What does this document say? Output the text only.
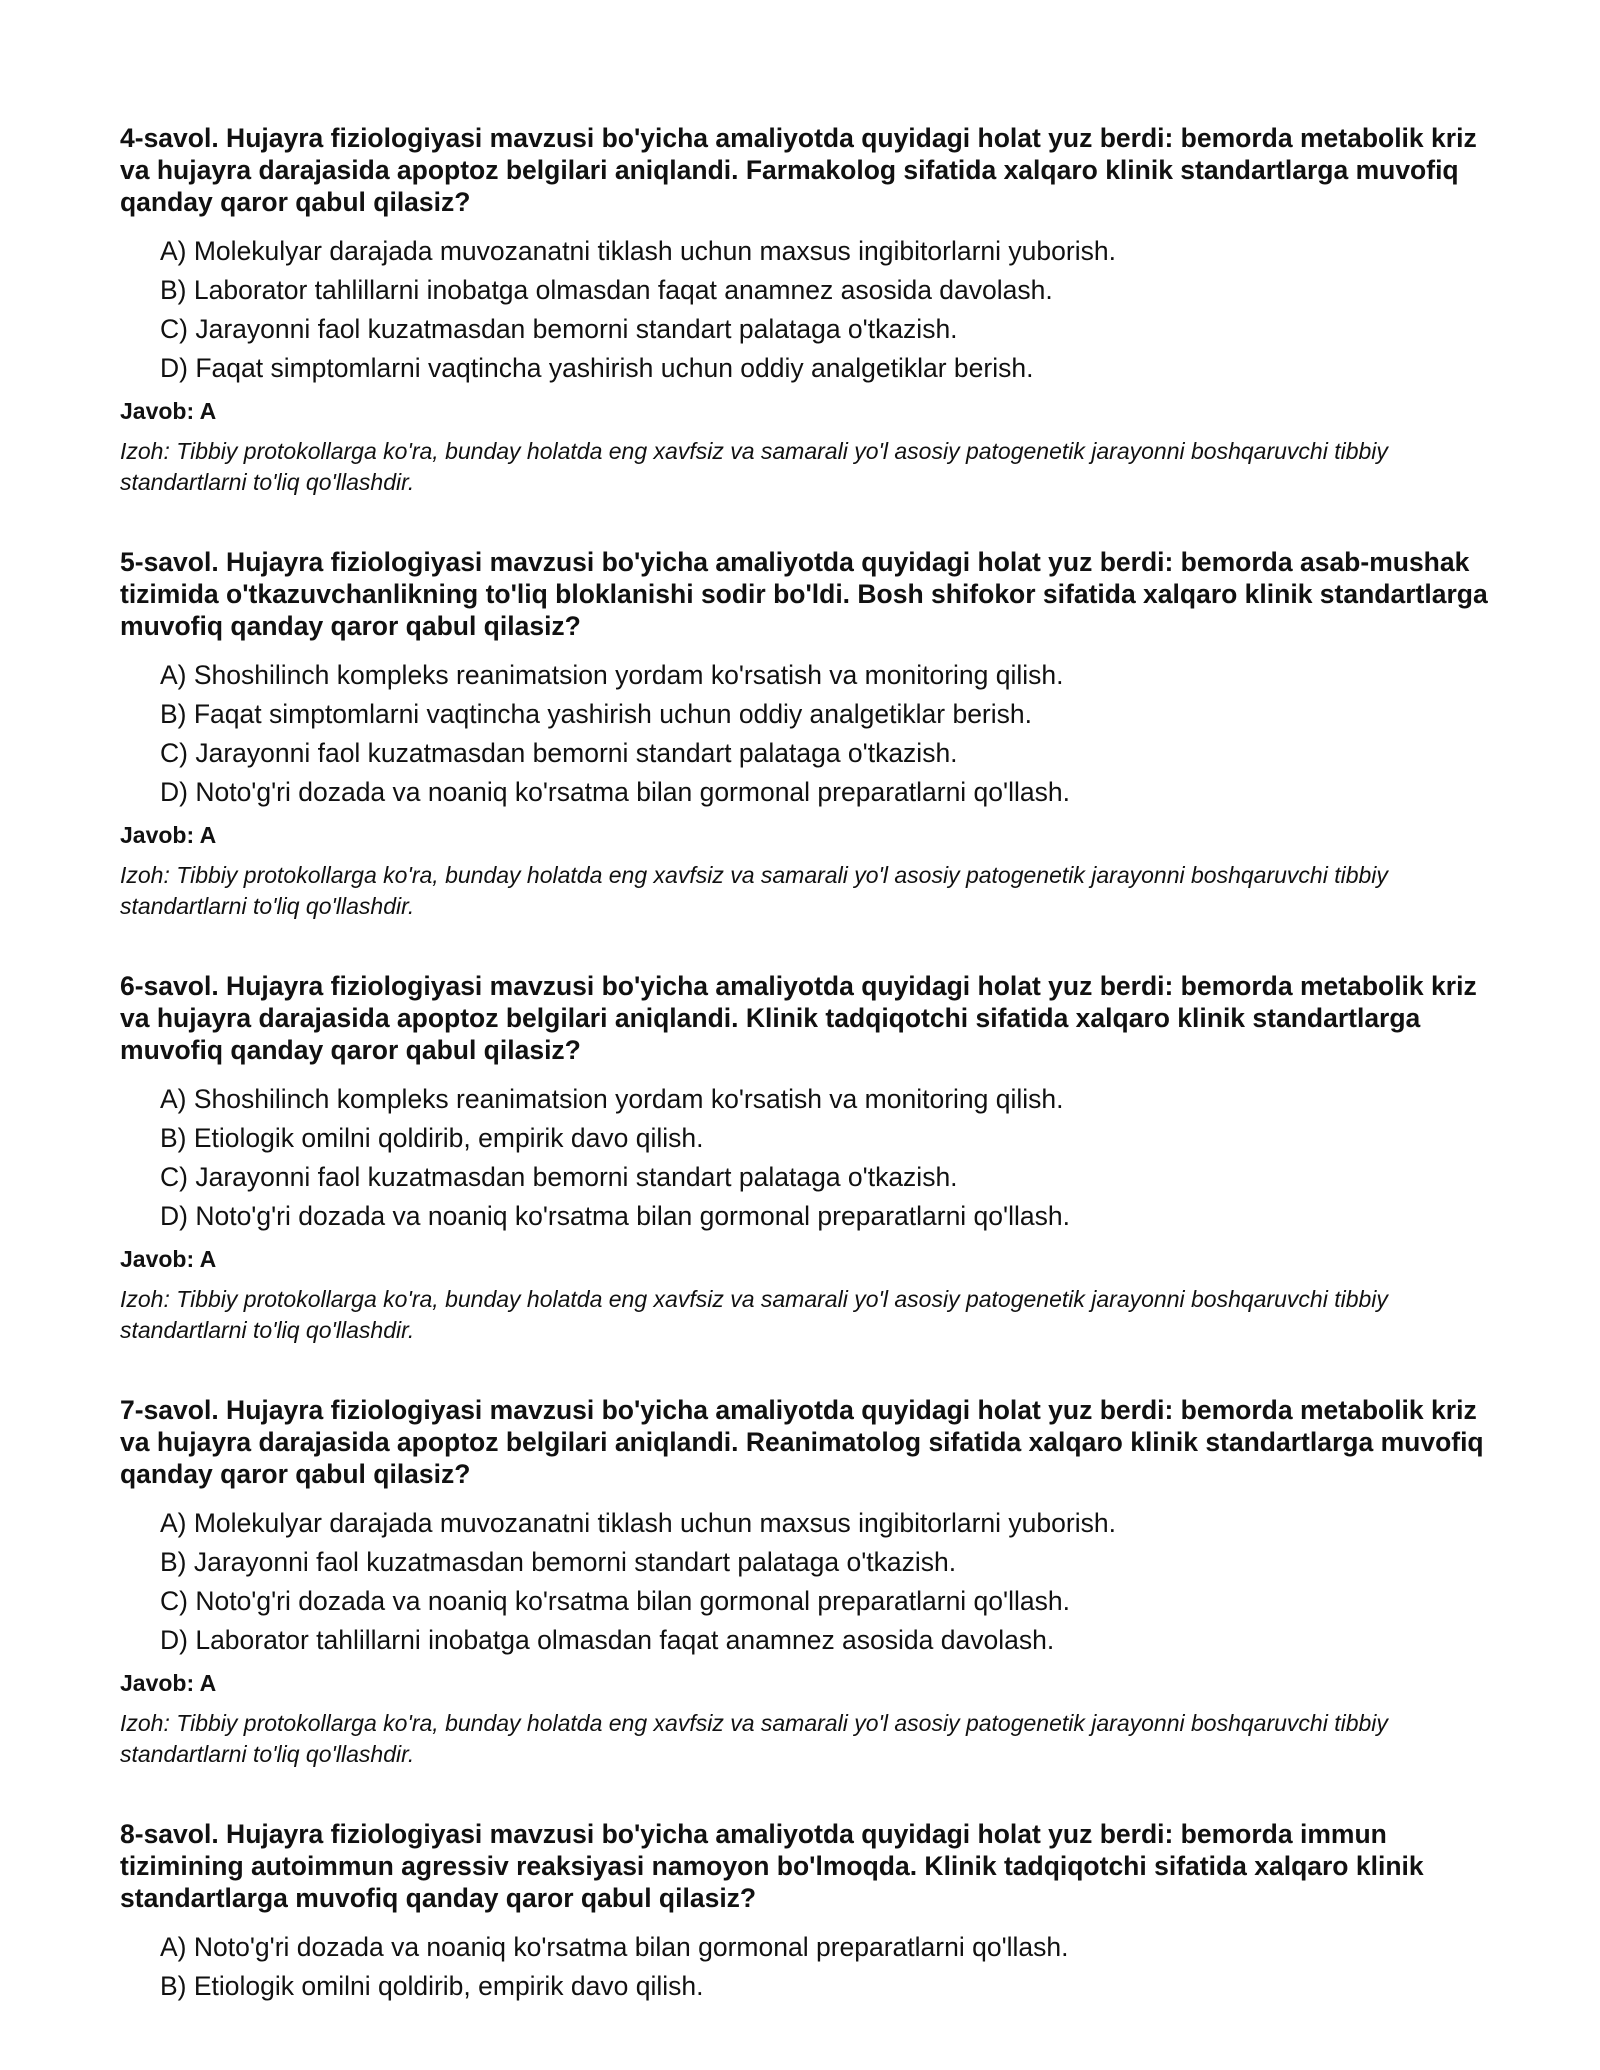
4-savol. Hujayra fiziologiyasi mavzusi bo'yicha amaliyotda quyidagi holat yuz berdi: bemorda metabolik kriz va hujayra darajasida apoptoz belgilari aniqlandi. Farmakolog sifatida xalqaro klinik standartlarga muvofiq qanday qaror qabul qilasiz?

A) Molekulyar darajada muvozanatni tiklash uchun maxsus ingibitorlarni yuborish.
B) Laborator tahlillarni inobatga olmasdan faqat anamnez asosida davolash.
C) Jarayonni faol kuzatmasdan bemorni standart palataga o'tkazish.
D) Faqat simptomlarni vaqtincha yashirish uchun oddiy analgetiklar berish.

Javob: A

Izoh: Tibbiy protokollarga ko'ra, bunday holatda eng xavfsiz va samarali yo'l asosiy patogenetik jarayonni boshqaruvchi tibbiy standartlarni to'liq qo'llashdir.

5-savol. Hujayra fiziologiyasi mavzusi bo'yicha amaliyotda quyidagi holat yuz berdi: bemorda asab-mushak tizimida o'tkazuvchanlikning to'liq bloklanishi sodir bo'ldi. Bosh shifokor sifatida xalqaro klinik standartlarga muvofiq qanday qaror qabul qilasiz?

A) Shoshilinch kompleks reanimatsion yordam ko'rsatish va monitoring qilish.
B) Faqat simptomlarni vaqtincha yashirish uchun oddiy analgetiklar berish.
C) Jarayonni faol kuzatmasdan bemorni standart palataga o'tkazish.
D) Noto'g'ri dozada va noaniq ko'rsatma bilan gormonal preparatlarni qo'llash.

Javob: A

Izoh: Tibbiy protokollarga ko'ra, bunday holatda eng xavfsiz va samarali yo'l asosiy patogenetik jarayonni boshqaruvchi tibbiy standartlarni to'liq qo'llashdir.

6-savol. Hujayra fiziologiyasi mavzusi bo'yicha amaliyotda quyidagi holat yuz berdi: bemorda metabolik kriz va hujayra darajasida apoptoz belgilari aniqlandi. Klinik tadqiqotchi sifatida xalqaro klinik standartlarga muvofiq qanday qaror qabul qilasiz?

A) Shoshilinch kompleks reanimatsion yordam ko'rsatish va monitoring qilish.
B) Etiologik omilni qoldirib, empirik davo qilish.
C) Jarayonni faol kuzatmasdan bemorni standart palataga o'tkazish.
D) Noto'g'ri dozada va noaniq ko'rsatma bilan gormonal preparatlarni qo'llash.

Javob: A

Izoh: Tibbiy protokollarga ko'ra, bunday holatda eng xavfsiz va samarali yo'l asosiy patogenetik jarayonni boshqaruvchi tibbiy standartlarni to'liq qo'llashdir.

7-savol. Hujayra fiziologiyasi mavzusi bo'yicha amaliyotda quyidagi holat yuz berdi: bemorda metabolik kriz va hujayra darajasida apoptoz belgilari aniqlandi. Reanimatolog sifatida xalqaro klinik standartlarga muvofiq qanday qaror qabul qilasiz?

A) Molekulyar darajada muvozanatni tiklash uchun maxsus ingibitorlarni yuborish.
B) Jarayonni faol kuzatmasdan bemorni standart palataga o'tkazish.
C) Noto'g'ri dozada va noaniq ko'rsatma bilan gormonal preparatlarni qo'llash.
D) Laborator tahlillarni inobatga olmasdan faqat anamnez asosida davolash.

Javob: A

Izoh: Tibbiy protokollarga ko'ra, bunday holatda eng xavfsiz va samarali yo'l asosiy patogenetik jarayonni boshqaruvchi tibbiy standartlarni to'liq qo'llashdir.

8-savol. Hujayra fiziologiyasi mavzusi bo'yicha amaliyotda quyidagi holat yuz berdi: bemorda immun tizimining autoimmun agressiv reaksiyasi namoyon bo'lmoqda. Klinik tadqiqotchi sifatida xalqaro klinik standartlarga muvofiq qanday qaror qabul qilasiz?

A) Noto'g'ri dozada va noaniq ko'rsatma bilan gormonal preparatlarni qo'llash.
B) Etiologik omilni qoldirib, empirik davo qilish.
